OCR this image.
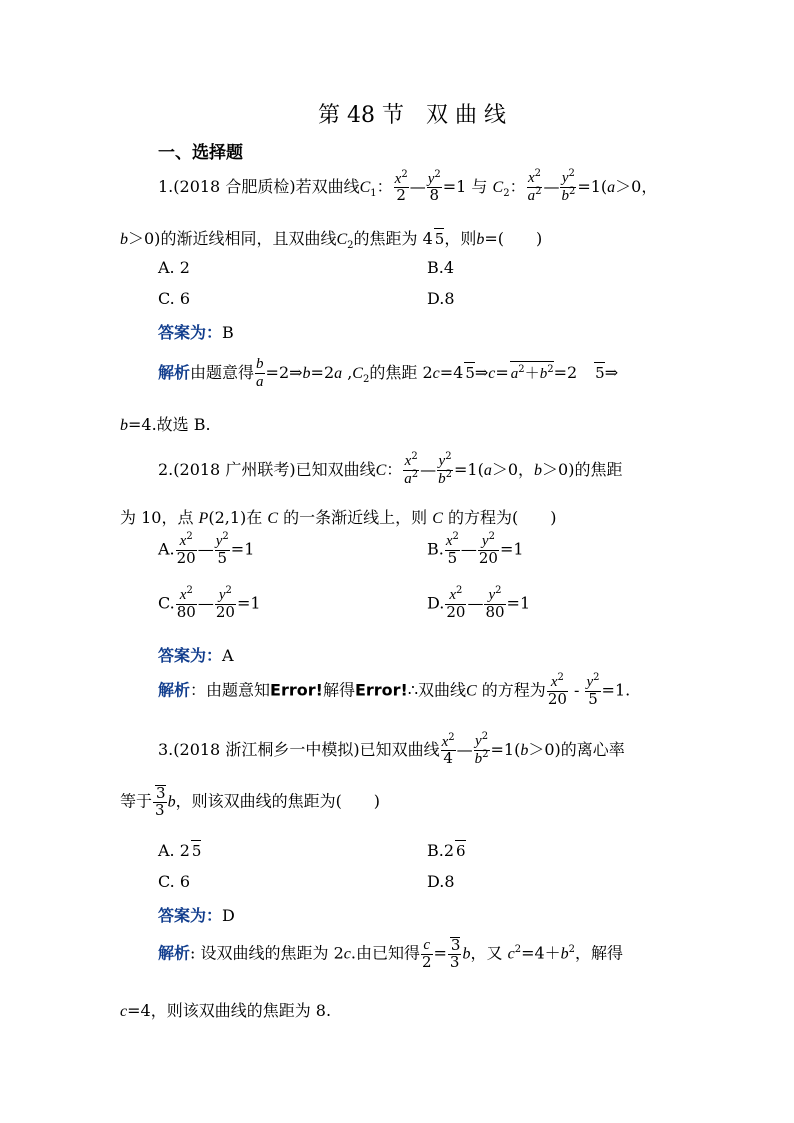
第 48 节　双 曲 线
一、选择题
1.(2018 合肥质检)若双曲线$C_1$： $\frac{x^2}{2}$ — $\frac{y^2}{8} =1$ 与 $C_2$： $\frac{x^2}{a^2}$ — $\frac{y^2}{b^2} =1(a>0$，
b＞0)的渐近线相同，且双曲线$C_2$的焦距为 4 5，则b=(　　)
A. 2	B.4
C. 6	D.8
答案为：B
解析由题意得 $\frac{b}{a}$ =2⇒b=2a $,C_2$的焦距 2c=4 5⇒c= $a^2+b^2=2$　5⇒
b=4.故选 B.
2.(2018 广州联考)已知双曲线C： $\frac{x^2}{a^2}$ — $\frac{y^2}{b^2} =1(a>0$，b＞0)的焦距
为 10，点 P(2,1)在 C 的一条渐近线上，则 C 的方程为(　　)
A. $\frac{x^2}{20}$ — $\frac{y^2}{5} =1$	B. $\frac{x^2}{5}$ — $\frac{y^2}{20} =1$
C. $\frac{x^2}{80}$ — $\frac{y^2}{20} =1$	D. $\frac{x^2}{20}$ — $\frac{y^2}{80} =1$
答案为：A
解析：由题意知Error!解得Error!∴双曲线C 的方程为 $\frac{x^2}{20} - \frac{y^2}{5} =1$.
3.(2018 浙江桐乡一中模拟)已知双曲线 $\frac{x^2}{4}$ — $\frac{y^2}{b^2} =1(b>0)$的离心率
等于 $\frac{3}{3}$ b，则该双曲线的焦距为(　　)
A. 2 5	B.2 6
C. 6	D.8
答案为：D
解析: 设双曲线的焦距为 2c.由已知得 $\frac{c}{2} = \frac{3}{3}$ b，又 $c^2=4+b^2$，解得
c=4，则该双曲线的焦距为 8.
